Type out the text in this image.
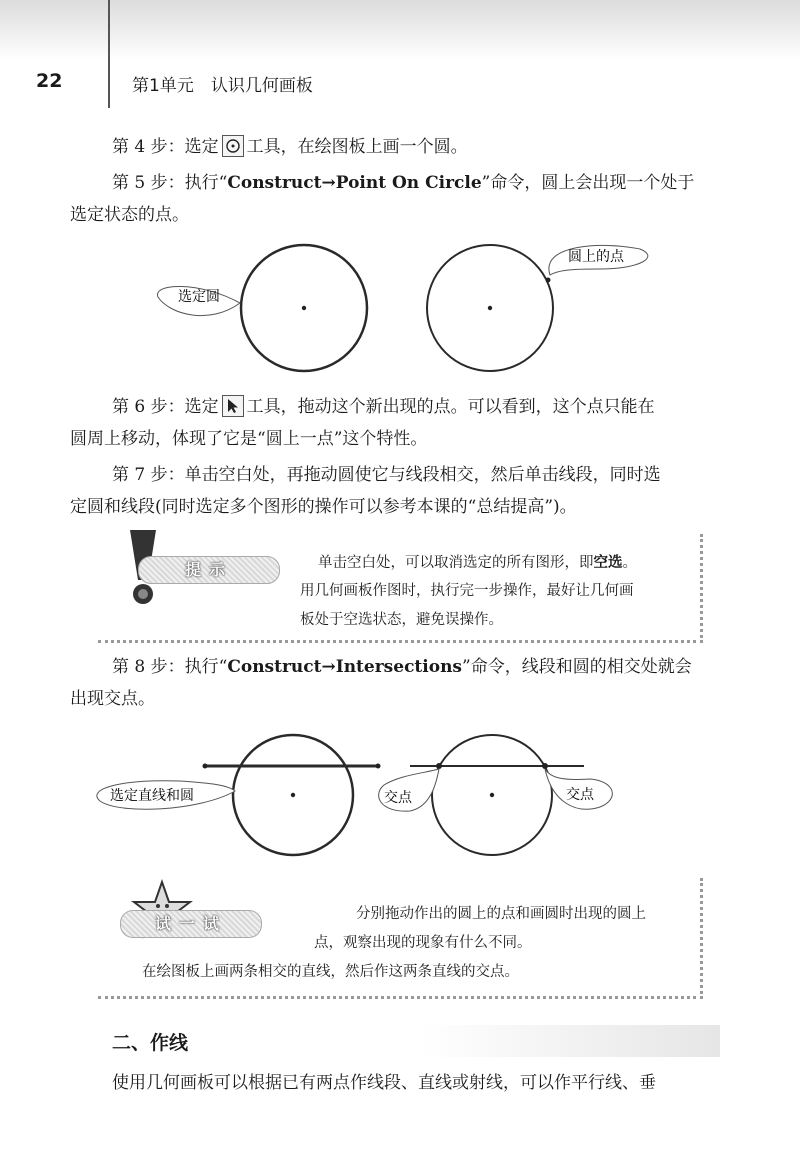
22	第1单元　认识几何画板
第 4 步：选定 工具，在绘图板上画一个圆。
第 5 步：执行“Construct→Point On Circle”命令，圆上会出现一个处于
选定状态的点。
选定圆
圆上的点
第 6 步：选定 工具，拖动这个新出现的点。可以看到，这个点只能在
圆周上移动，体现了它是“圆上一点”这个特性。
第 7 步：单击空白处，再拖动圆使它与线段相交，然后单击线段，同时选
定圆和线段(同时选定多个图形的操作可以参考本课的“总结提高”)。
提示	单击空白处，可以取消选定的所有图形，即空选。
用几何画板作图时，执行完一步操作，最好让几何画
板处于空选状态，避免误操作。
第 8 步：执行“Construct→Intersections”命令，线段和圆的相交处就会
出现交点。
选定直线和圆	交点	交点
试一试	分别拖动作出的圆上的点和画圆时出现的圆上
点，观察出现的现象有什么不同。
在绘图板上画两条相交的直线，然后作这两条直线的交点。
二、作线
使用几何画板可以根据已有两点作线段、直线或射线，可以作平行线、垂
